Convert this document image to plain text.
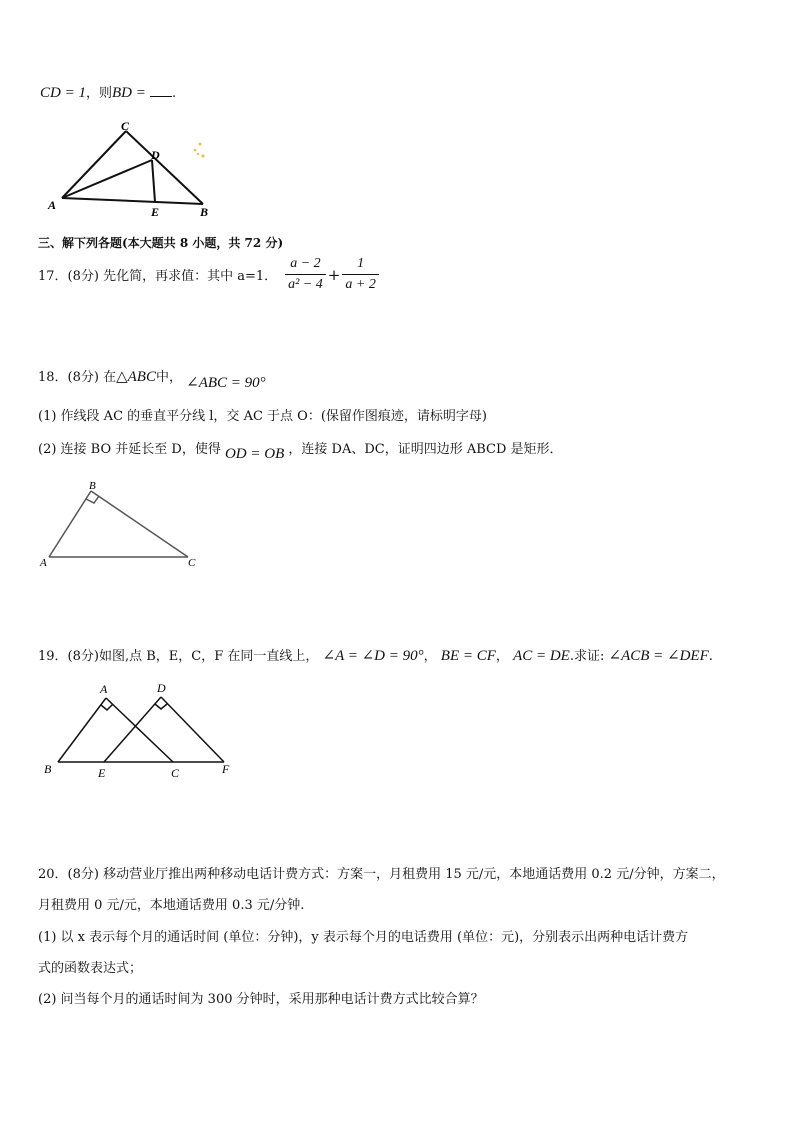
CD = 1，则BD = .
C
D
A	E	B
三、解下列各题(本大题共 8 小题，共 72 分)
17．(8分) 先化简，再求值：其中 a=1． $\frac{a - 2}{\text{a² − 4}} + \frac{1}{a + 2}$
18．(8分) 在△ABC中， ∠ABC = 90°
(1) 作线段 AC 的垂直平分线 l，交 AC 于点 O：(保留作图痕迹，请标明字母)
(2) 连接 BO 并延长至 D，使得 OD = OB ，连接 DA、DC，证明四边形 ABCD 是矩形．
B
A	C
19．(8分)如图,点 B，E，C，F 在同一直线上， ∠A = ∠D = 90°， BE = CF， AC = DE.求证: ∠ACB = ∠DEF.
A	D
B	E	C	F
20．(8分) 移动营业厅推出两种移动电话计费方式：方案一，月租费用 15 元/元，本地通话费用 0.2 元/分钟，方案二，
月租费用 0 元/元，本地通话费用 0.3 元/分钟.
(1) 以 x 表示每个月的通话时间 (单位：分钟)，y 表示每个月的电话费用 (单位：元)，分别表示出两种电话计费方
式的函数表达式；
(2) 问当每个月的通话时间为 300 分钟时，采用那种电话计费方式比较合算？
